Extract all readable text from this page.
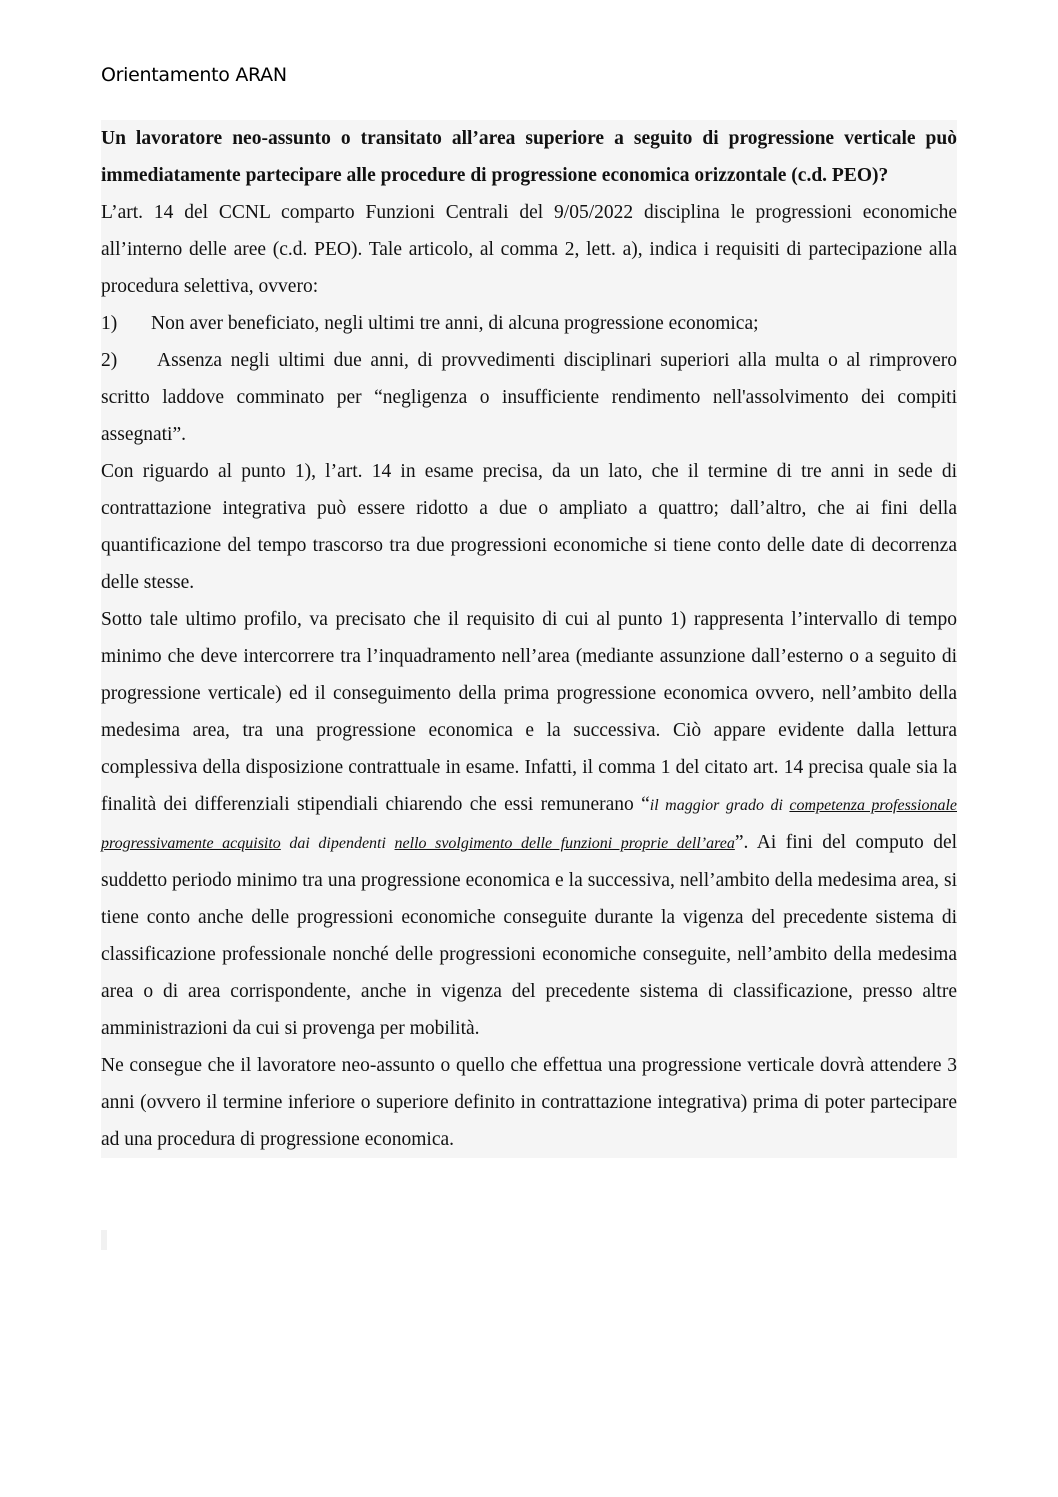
Orientamento ARAN

Un lavoratore neo-assunto o transitato all’area superiore a seguito di progressione verticale può immediatamente partecipare alle procedure di progressione economica orizzontale (c.d. PEO)?

L’art. 14 del CCNL comparto Funzioni Centrali del 9/05/2022 disciplina le progressioni economiche all’interno delle aree (c.d. PEO). Tale articolo, al comma 2, lett. a), indica i requisiti di partecipazione alla procedura selettiva, ovvero:

1) Non aver beneficiato, negli ultimi tre anni, di alcuna progressione economica;

2) Assenza negli ultimi due anni, di provvedimenti disciplinari superiori alla multa o al rimprovero scritto laddove comminato per “negligenza o insufficiente rendimento nell'assolvimento dei compiti assegnati”.

Con riguardo al punto 1), l’art. 14 in esame precisa, da un lato, che il termine di tre anni in sede di contrattazione integrativa può essere ridotto a due o ampliato a quattro; dall’altro, che ai fini della quantificazione del tempo trascorso tra due progressioni economiche si tiene conto delle date di decorrenza delle stesse.

Sotto tale ultimo profilo, va precisato che il requisito di cui al punto 1) rappresenta l’intervallo di tempo minimo che deve intercorrere tra l’inquadramento nell’area (mediante assunzione dall’esterno o a seguito di progressione verticale) ed il conseguimento della prima progressione economica ovvero, nell’ambito della medesima area, tra una progressione economica e la successiva. Ciò appare evidente dalla lettura complessiva della disposizione contrattuale in esame. Infatti, il comma 1 del citato art. 14 precisa quale sia la finalità dei differenziali stipendiali chiarendo che essi remunerano “il maggior grado di competenza professionale progressivamente acquisito dai dipendenti nello svolgimento delle funzioni proprie dell’area”. Ai fini del computo del suddetto periodo minimo tra una progressione economica e la successiva, nell’ambito della medesima area, si tiene conto anche delle progressioni economiche conseguite durante la vigenza del precedente sistema di classificazione professionale nonché delle progressioni economiche conseguite, nell’ambito della medesima area o di area corrispondente, anche in vigenza del precedente sistema di classificazione, presso altre amministrazioni da cui si provenga per mobilità.

Ne consegue che il lavoratore neo-assunto o quello che effettua una progressione verticale dovrà attendere 3 anni (ovvero il termine inferiore o superiore definito in contrattazione integrativa) prima di poter partecipare ad una procedura di progressione economica.
